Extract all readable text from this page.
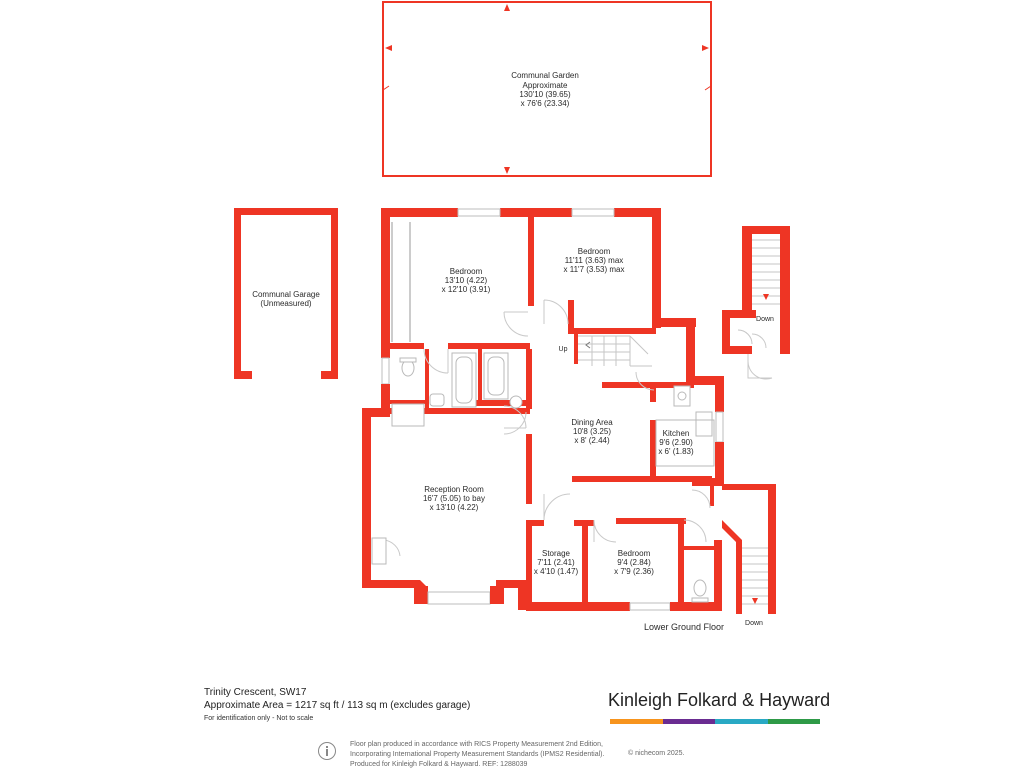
Communal Garden
Approximate
130'10 (39.65)
x 76'6 (23.34)
Communal Garage
(Unmeasured)
Up
Down
Down
Bedroom
13'10 (4.22)
x 12'10 (3.91)
Bedroom
11'11 (3.63) max
x 11'7 (3.53) max
Dining Area
10'8 (3.25)
x 8' (2.44)
Kitchen
9'6 (2.90)
x 6' (1.83)
Reception Room
16'7 (5.05) to bay
x 13'10 (4.22)
Storage
7'11 (2.41)
x 4'10 (1.47)
Bedroom
9'4 (2.84)
x 7'9 (2.36)
Lower Ground Floor
Trinity Crescent, SW17
Approximate Area = 1217 sq ft / 113 sq m (excludes garage)
For identification only - Not to scale
Kinleigh Folkard & Hayward
Floor plan produced in accordance with RICS Property Measurement 2nd Edition,
Incorporating International Property Measurement Standards (IPMS2 Residential).
Produced for Kinleigh Folkard & Hayward. REF: 1288039
© nichecom 2025.
